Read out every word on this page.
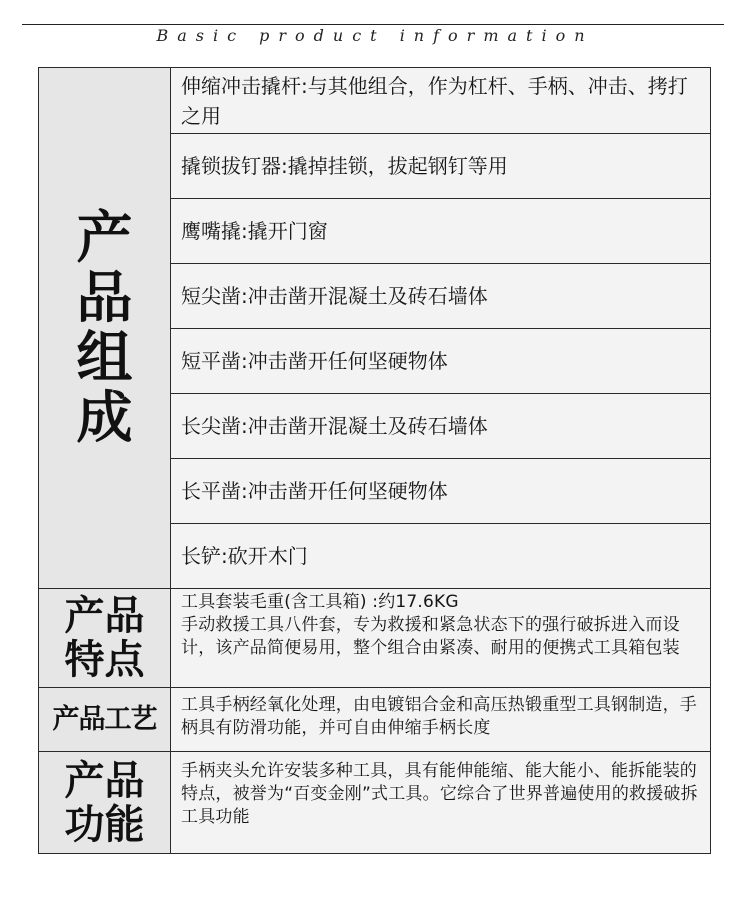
Basic product information
产品组成	伸缩冲击撬杆:与其他组合，作为杠杆、手柄、冲击、拷打之用
	撬锁拔钉器:撬掉挂锁，拔起钢钉等用
	鹰嘴撬:撬开门窗
	短尖凿:冲击凿开混凝土及砖石墙体
	短平凿:冲击凿开任何坚硬物体
	长尖凿:冲击凿开混凝土及砖石墙体
	长平凿:冲击凿开任何坚硬物体
	长铲:砍开木门

产品特点	工具套装毛重(含工具箱) :约17.6KG
手动救援工具八件套，专为救援和紧急状态下的强行破拆进入而设计，该产品简便易用，整个组合由紧凑、耐用的便携式工具箱包装

产品工艺	工具手柄经氧化处理，由电镀铝合金和高压热锻重型工具钢制造，手柄具有防滑功能，并可自由伸缩手柄长度

产品功能	手柄夹头允许安装多种工具，具有能伸能缩、能大能小、能拆能装的特点，被誉为“百变金刚”式工具。它综合了世界普遍使用的救援破拆工具功能
